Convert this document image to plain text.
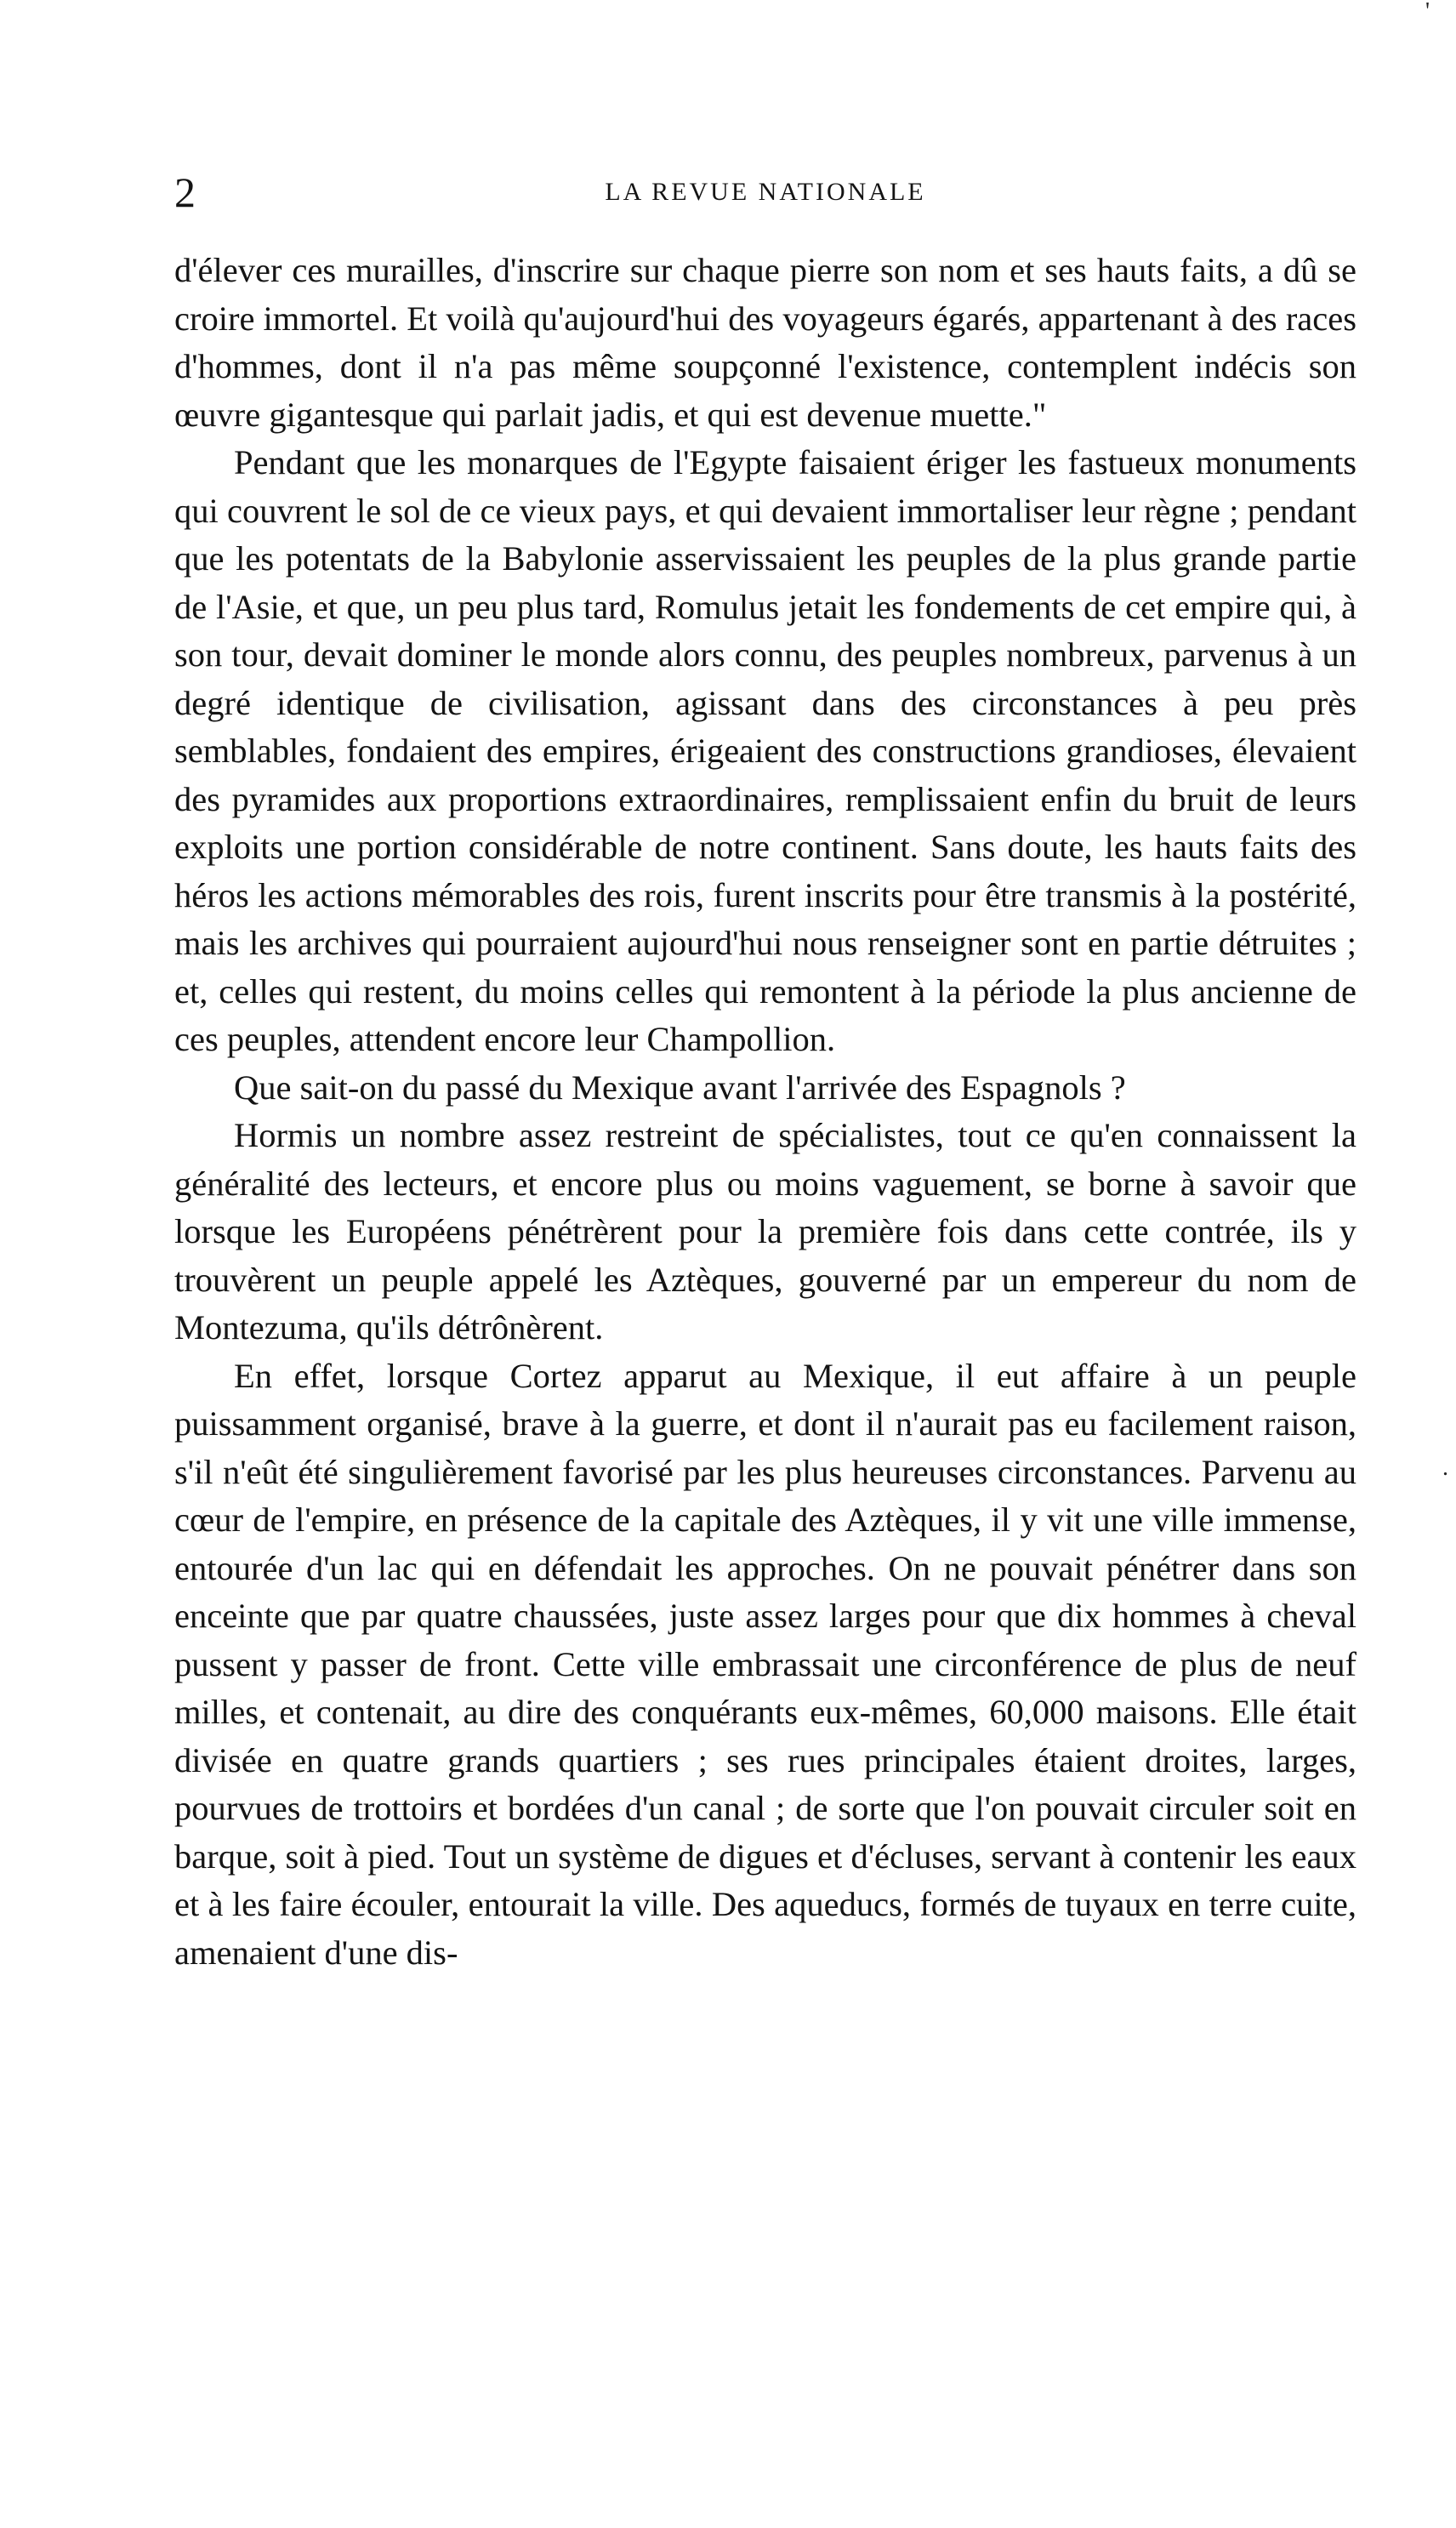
'
.
2	LA REVUE NATIONALE

d'élever ces murailles, d'inscrire sur chaque pierre son nom et ses hauts faits, a dû se croire immortel. Et voilà qu'aujourd'hui des voyageurs égarés, appartenant à des races d'hommes, dont il n'a pas même soupçonné l'existence, contemplent indécis son œuvre gigantesque qui parlait jadis, et qui est devenue muette."

Pendant que les monarques de l'Egypte faisaient ériger les fastueux monuments qui couvrent le sol de ce vieux pays, et qui devaient immortaliser leur règne ; pendant que les potentats de la Babylonie asservissaient les peuples de la plus grande partie de l'Asie, et que, un peu plus tard, Romulus jetait les fondements de cet empire qui, à son tour, devait dominer le monde alors connu, des peuples nombreux, parvenus à un degré identique de civilisation, agissant dans des circonstances à peu près semblables, fondaient des empires, érigeaient des constructions grandioses, élevaient des pyramides aux proportions extraordinaires, remplissaient enfin du bruit de leurs exploits une portion considérable de notre continent. Sans doute, les hauts faits des héros les actions mémorables des rois, furent inscrits pour être transmis à la postérité, mais les archives qui pourraient aujourd'hui nous renseigner sont en partie détruites ; et, celles qui restent, du moins celles qui remontent à la période la plus ancienne de ces peuples, attendent encore leur Champollion.

Que sait-on du passé du Mexique avant l'arrivée des Espagnols ?

Hormis un nombre assez restreint de spécialistes, tout ce qu'en connaissent la généralité des lecteurs, et encore plus ou moins vaguement, se borne à savoir que lorsque les Européens pénétrèrent pour la première fois dans cette contrée, ils y trouvèrent un peuple appelé les Aztèques, gouverné par un empereur du nom de Montezuma, qu'ils détrônèrent.

En effet, lorsque Cortez apparut au Mexique, il eut affaire à un peuple puissamment organisé, brave à la guerre, et dont il n'aurait pas eu facilement raison, s'il n'eût été singulièrement favorisé par les plus heureuses circonstances. Parvenu au cœur de l'empire, en présence de la capitale des Aztèques, il y vit une ville immense, entourée d'un lac qui en défendait les approches. On ne pouvait pénétrer dans son enceinte que par quatre chaussées, juste assez larges pour que dix hommes à cheval pussent y passer de front. Cette ville embrassait une circonférence de plus de neuf milles, et contenait, au dire des conquérants eux-mêmes, 60,000 maisons. Elle était divisée en quatre grands quartiers ; ses rues principales étaient droites, larges, pourvues de trottoirs et bordées d'un canal ; de sorte que l'on pouvait circuler soit en barque, soit à pied. Tout un système de digues et d'écluses, servant à contenir les eaux et à les faire écouler, entourait la ville. Des aqueducs, formés de tuyaux en terre cuite, amenaient d'une dis-
